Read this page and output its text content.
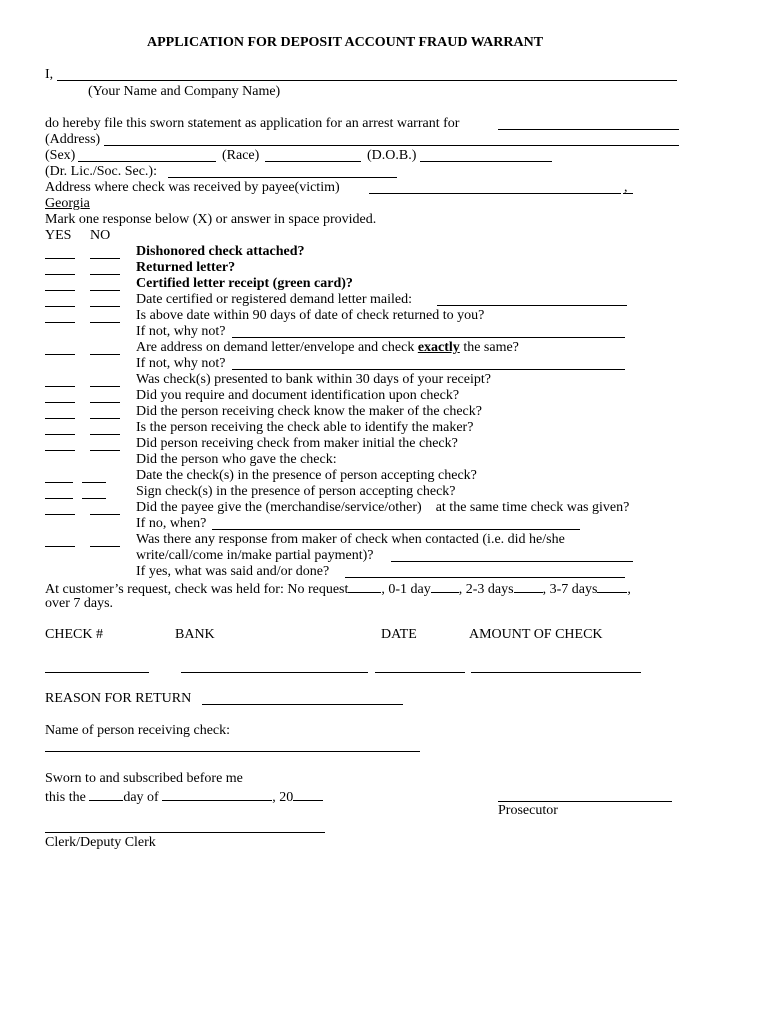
APPLICATION FOR DEPOSIT ACCOUNT FRAUD WARRANT
I,
(Your Name and Company Name)
do hereby file this sworn statement as application for an arrest warrant for
(Address)
(Sex)	(Race)	(D.O.B.)
(Dr. Lic./Soc. Sec.):
Address where check was received by payee(victim)	,
Georgia
Mark one response below (X) or answer in space provided.
YES NO
Dishonored check attached?
Returned letter?
Certified letter receipt (green card)?
Date certified or registered demand letter mailed:
Is above date within 90 days of date of check returned to you?
If not, why not?
Are address on demand letter/envelope and check exactly the same?
If not, why not?
Was check(s) presented to bank within 30 days of your receipt?
Did you require and document identification upon check?
Did the person receiving check know the maker of the check?
Is the person receiving the check able to identify the maker?
Did person receiving check from maker initial the check?
Did the person who gave the check:
Date the check(s) in the presence of person accepting check?
Sign check(s) in the presence of person accepting check?
Did the payee give the (merchandise/service/other)    at the same time check was given?
If no, when?
Was there any response from maker of check when contacted (i.e. did he/she
write/call/come in/make partial payment)?
If yes, what was said and/or done?
At customer’s request, check was held for: No request , 0-1 day , 2-3 days , 3-7 days ,
over 7 days.
CHECK #	BANK	DATE	AMOUNT OF CHECK
REASON FOR RETURN
Name of person receiving check:
Sworn to and subscribed before me
this the	day of	, 20
Prosecutor
Clerk/Deputy Clerk
